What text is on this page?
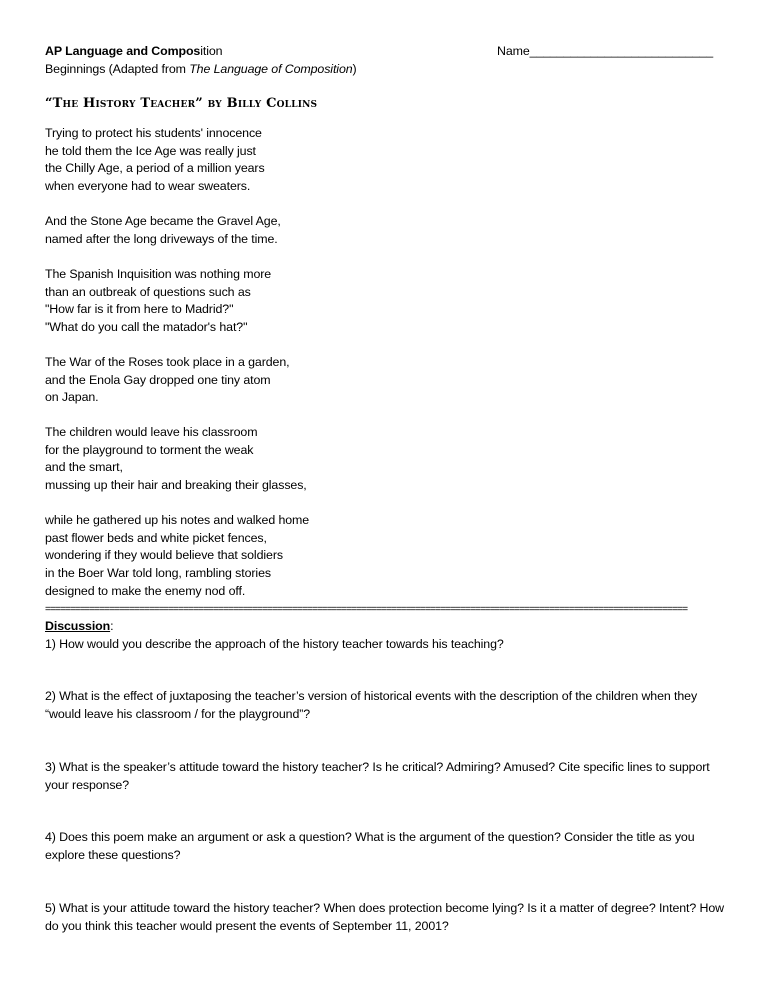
AP Language and Composition
Beginnings (Adapted from The Language of Composition)
Name___________________________
“The History Teacher” by Billy Collins
Trying to protect his students' innocence
he told them the Ice Age was really just
the Chilly Age, a period of a million years
when everyone had to wear sweaters.
And the Stone Age became the Gravel Age,
named after the long driveways of the time.
The Spanish Inquisition was nothing more
than an outbreak of questions such as
"How far is it from here to Madrid?"
"What do you call the matador's hat?"
The War of the Roses took place in a garden,
and the Enola Gay dropped one tiny atom
on Japan.
The children would leave his classroom
for the playground to torment the weak
and the smart,
mussing up their hair and breaking their glasses,
while he gathered up his notes and walked home
past flower beds and white picket fences,
wondering if they would believe that soldiers
in the Boer War told long, rambling stories
designed to make the enemy nod off.
==================================================================================================================================
Discussion:
1) How would you describe the approach of the history teacher towards his teaching?
2) What is the effect of juxtaposing the teacher’s version of historical events with the description of the children when they “would leave his classroom / for the playground”?
3) What is the speaker’s attitude toward the history teacher? Is he critical? Admiring? Amused? Cite specific lines to support your response?
4) Does this poem make an argument or ask a question? What is the argument of the question? Consider the title as you explore these questions?
5) What is your attitude toward the history teacher? When does protection become lying? Is it a matter of degree? Intent? How do you think this teacher would present the events of September 11, 2001?
